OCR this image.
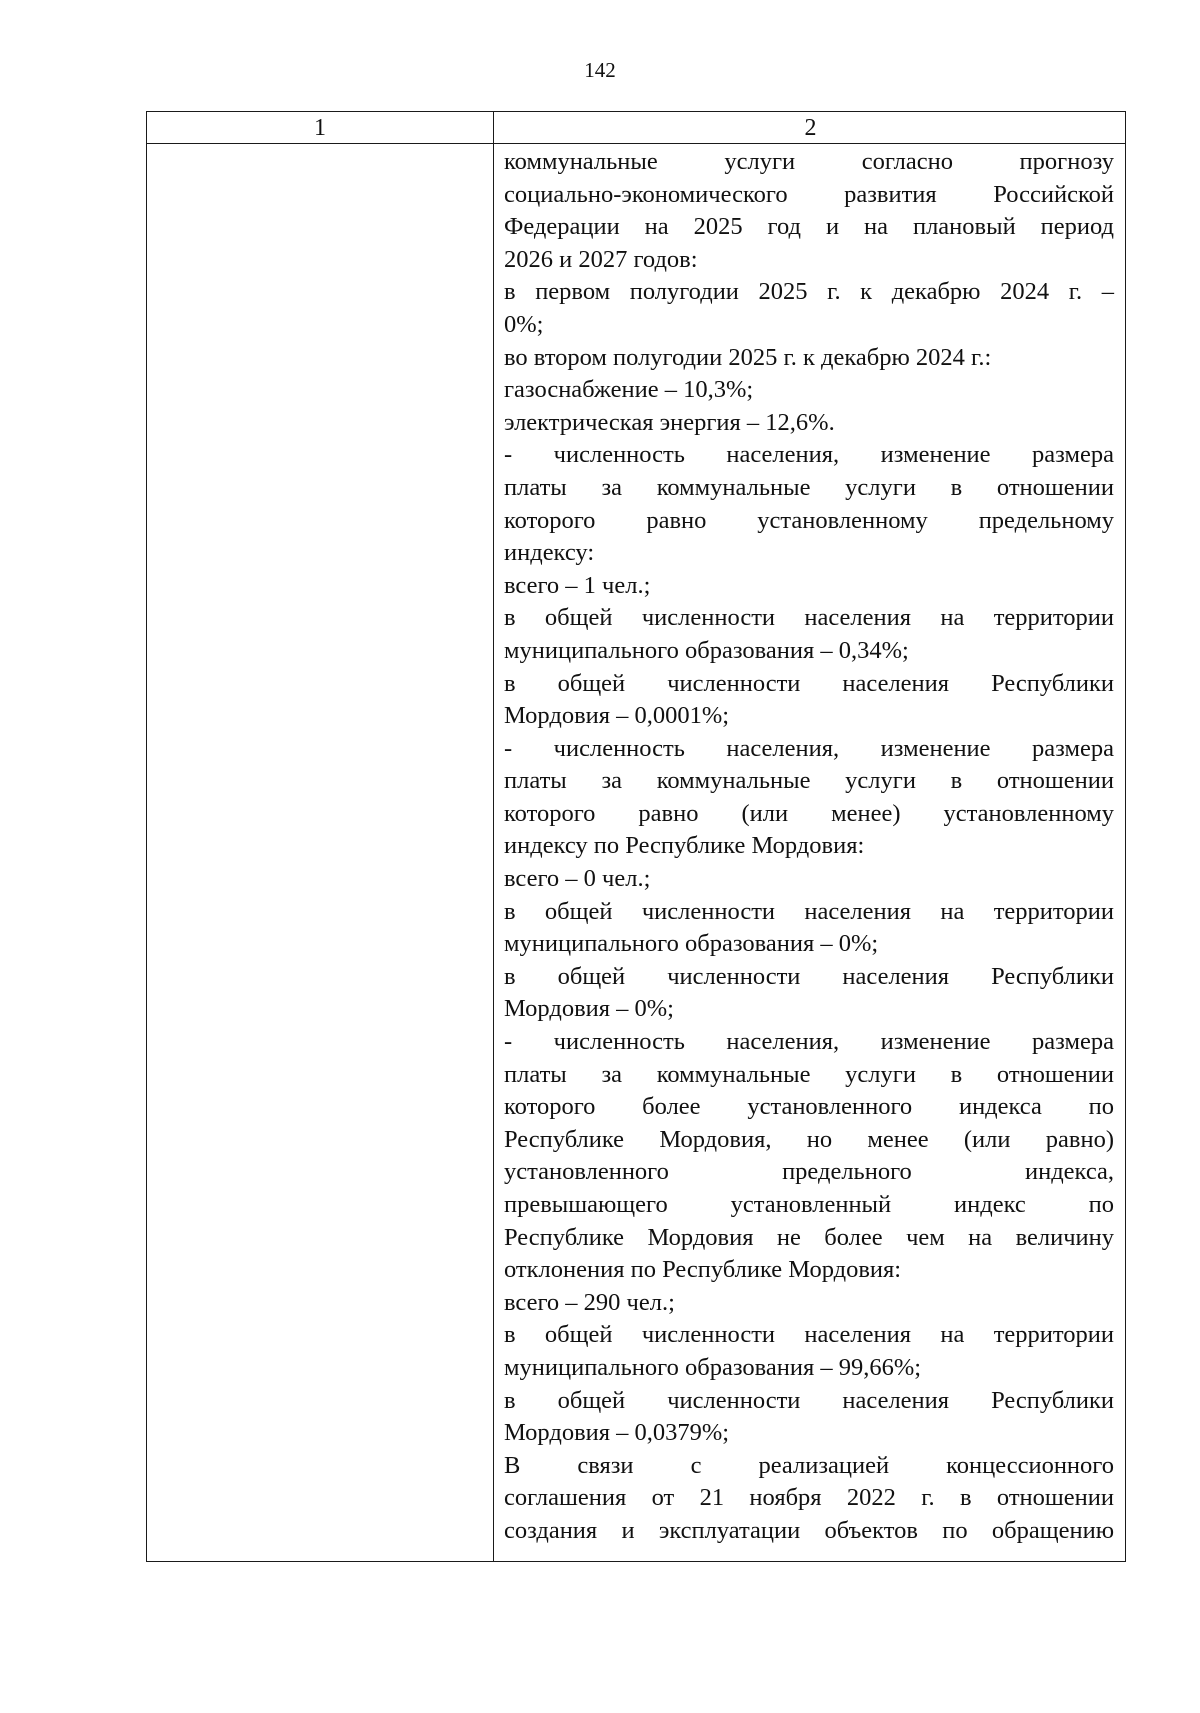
142
1	2
коммунальные услуги согласно прогнозу
социально-экономического развития Российской
Федерации на 2025 год и на плановый период
2026 и 2027 годов:
в первом полугодии 2025 г. к декабрю 2024 г. –
0%;
во втором полугодии 2025 г. к декабрю 2024 г.:
газоснабжение – 10,3%;
электрическая энергия – 12,6%.
- численность населения, изменение размера
платы за коммунальные услуги в отношении
которого равно установленному предельному
индексу:
всего – 1 чел.;
в общей численности населения на территории
муниципального образования – 0,34%;
в общей численности населения Республики
Мордовия – 0,0001%;
- численность населения, изменение размера
платы за коммунальные услуги в отношении
которого равно (или менее) установленному
индексу по Республике Мордовия:
всего – 0 чел.;
в общей численности населения на территории
муниципального образования – 0%;
в общей численности населения Республики
Мордовия – 0%;
- численность населения, изменение размера
платы за коммунальные услуги в отношении
которого более установленного индекса по
Республике Мордовия, но менее (или равно)
установленного предельного индекса,
превышающего установленный индекс по
Республике Мордовия не более чем на величину
отклонения по Республике Мордовия:
всего – 290 чел.;
в общей численности населения на территории
муниципального образования – 99,66%;
в общей численности населения Республики
Мордовия – 0,0379%;
В связи с реализацией концессионного
соглашения от 21 ноября 2022 г. в отношении
создания и эксплуатации объектов по обращению
